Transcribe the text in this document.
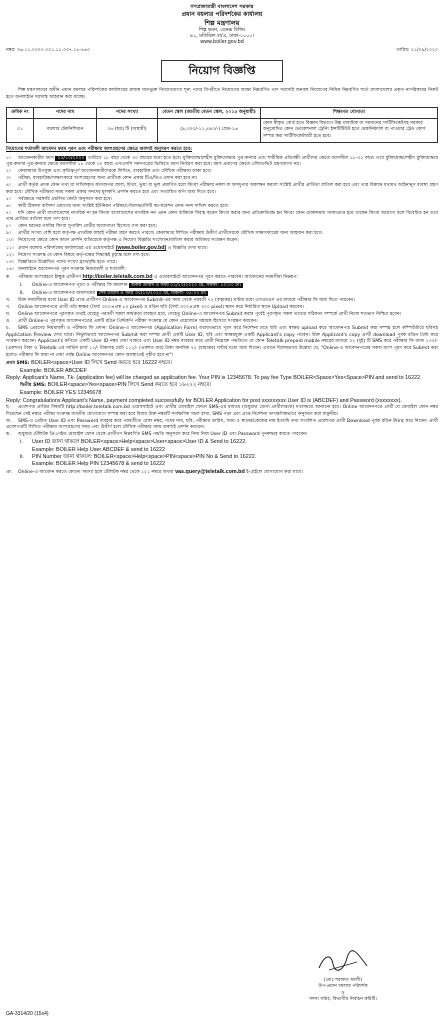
গণপ্রজাতন্ত্রী বাংলাদেশ সরকার
প্রধান বয়লার পরিদর্শকের কার্যালয়
শিল্প মন্ত্রণালয়
শিল্প ভবন, এনেক্স বিল্ডিং
৯১, মতিঝিল বা/এ, ঢাকা-১০০০।
www.boiler.gov.bd
নম্বর: ৩৬.১১.০০০০.০০১.১১.০০৭.১৮-৪৬০	তারিখ: ২১/০৯/২০২০
নিয়োগ বিজ্ঞপ্তি

শিল্প মন্ত্রণালয়ের অধীন প্রধান বয়লার পরিদর্শকের কার্যালয়ের রাজস্ব খাতভুক্ত নিয়োগযোগ্য শূন্য পদের বিপরীতে নিয়োগের লক্ষ্যে নিম্নবর্ণিত পদে সরাসরি জনবল নিয়োগের নিমিত্ত নিম্নবর্ণিত শর্তে বাংলাদেশের প্রকৃত নাগরিকদের নিকট হতে অনলাইনে দরখাস্ত আহবান করা যাচ্ছে।

ক্রমিক নং	পদের নাম	পদের সংখ্যা	বেতন স্কেল (জাতীয় বেতন স্কেল, ২০১৫ অনুযায়ী)	শিক্ষাগত যোগ্যতা
০১	বয়লার টেকনিশিয়ান	০৬ (ছয়) টি (অস্থায়ী)	(৯,৩০০/-২২,৪৯০/-) গ্রেড-১৬	কোন স্বীকৃত বোর্ড হতে বিজ্ঞান বিভাগে উচ্চ মাধ্যমিক বা সমমানের সার্টিফিকেটসহ সরকার অনুমোদিত কোন ভোকেশনাল ট্রেনিং ইন্সটিটিউট হতে মেকানিক্যাল বা পাওয়ার ট্রেড কোর্স সম্পন্ন করা সার্টিফিকেটধারী হতে হবে।

নিয়োগের শর্তাবলী আবেদন ফরম পূরণ এবং পরীক্ষায় অংশগ্রহণের ক্ষেত্রে অবশ্যই অনুসরণ করতে হবে:

১। আবেদনকারীর বয়স ২৫/১০/২০২০ তারিখে ১৮ বছর থেকে ৩০ বছরের মধ্যে হতে হবে। মুক্তিযোদ্ধা/শহীদ মুক্তিযোদ্ধার পুত্র-কন্যার এবং শারীরিক প্রতিবন্ধী প্রার্থীদের ক্ষেত্রে বয়সসীমা ১৮-৩২ বছর। তবে মুক্তিযোদ্ধা/শহীদ মুক্তিযোদ্ধার পুত্র-কন্যার পুত্র-কন্যার ক্ষেত্রে বয়সসীমা ১৮ থেকে ৩০ বছর। এসএসসি সনদপত্রের ভিত্তিতে বয়স নির্ধারণ করা হবে। বয়স প্রমাণের ক্ষেত্রে এফিডেভিট গ্রহণযোগ্য নয়।

২। কেবলমাত্র উপযুক্ত এবং কৃতিত্বপূর্ণ আবেদনকারীদেরকে লিখিত, ব্যবহারিক এবং মৌখিক পরীক্ষায় ডাকা হবে।

৩। পরীক্ষা, ব্যবহারিক/সাক্ষাৎকারে অংশগ্রহণের জন্য প্রার্থীকে কোন প্রকার টিএ/ডিএ প্রদান করা হবে না।

৪। প্রার্থী কর্তৃক প্রদত্ত কোন তথ্য বা দাখিলকৃত কাগজপত্র জাল, মিথ্যা, ভুয়া বা ভুল প্রমাণিত হলে কিংবা পরীক্ষায় নকল বা অসদুপায় অবলম্বন করলে সংশ্লিষ্ট প্রার্থীর প্রার্থিতা বাতিল করা হবে এবং তার বিরুদ্ধে যথাযথ আইনানুগ ব্যবস্থা গ্রহণ করা হবে। মৌখিক পরীক্ষার সময় সকল প্রকার সনদের মূলকপি প্রদর্শন করতে হবে এবং সত্যায়িত কপি জমা দিতে হবে।

৫। সর্বক্ষেত্রে সরকারি প্রচলিত কোটা অনুসরণ করা হবে।

৬। স্থায়ী ঠিকানা বাসিন্দা প্রমাণের জন্য সংশ্লিষ্ট ইউনিয়ন পরিষদ/পৌরসভা/সিটি কর্পোরেশন প্রদত্ত সনদ দাখিল করতে হবে।

৭। যদি কোন প্রার্থী বাংলাদেশের নাগরিক না হন কিংবা বাংলাদেশের নাগরিক নন এমন কোন ব্যক্তিকে বিবাহ করেন কিংবা করার জন্য প্রতিশ্রুতিবদ্ধ হন কিংবা কোন মোকদ্দমায় সাজাপ্রাপ্ত হয়ে থাকেন কিংবা অযোগ্য বলে বিবেচিত হন তবে তার প্রার্থিতা বাতিল বলে গণ্য হবে।

৮। কোন ধরনের তদবির কিংবা সুপারিশ প্রার্থীর অযোগ্যতা হিসেবে গণ্য করা হবে।

৯। প্রার্থীর সংখ্যা বেশি হলে কর্তৃপক্ষ প্রাথমিক বাছাই পরীক্ষা গ্রহণ করতে পারবে। কেবলমাত্র লিখিত পরীক্ষায় উত্তীর্ণ প্রার্থীদেরকে মৌখিক সাক্ষাৎকারের জন্য আহবান করা হবে।

১০। নিয়োগের ক্ষেত্রে কোন কারণ প্রদর্শন ব্যতিরেকে কর্তৃপক্ষ এ নিয়োগ বিজ্ঞপ্তি সংশোধন/বাতিল করার অধিকার সংরক্ষণ করেন।

১১। প্রধান বয়লার পরিদর্শকের কার্যালয়ের এর ওয়েবসাইটে (www.boiler.gov.bd) এ বিজ্ঞপ্তি দেখা যাবে।

১২। নিয়োগ সংক্রান্ত যে কোন বিষয়ে কর্তৃপক্ষের সিদ্ধান্তই চূড়ান্ত বলে গণ্য হবে।

১৩। বিজ্ঞপ্তিতে উল্লেখিত পদের সংখ্যা হ্রাস/বৃদ্ধি হতে পারে।

১৪। অনলাইনে আবেদনপত্র পূরণ সংক্রান্ত নিয়মাবলী ও শর্তাবলী:

ক. পরীক্ষায় অংশগ্রহণে ইচ্ছুক প্রার্থীগণ http://boiler.teletalk.com.bd এ ওয়েবসাইটে আবেদনপত্র পূরণ করতে পারবেন। আবেদনের সময়সীমা নিম্নরূপ:

i. Online-এ আবেদনপত্র পূরণ ও পরীক্ষার ফি জমাদান শুরুর তারিখ ও সময় ০১/১০/২০২০ খ্রি, সকাল: ১০:০০ টা।

ii. Online-এ আবেদনপত্র জমাদানের শেষ তারিখ ও সময় ৩০/১০/২০২০ খ্রি, বিকাল- ০৫:০০ টা।

খ. উক্ত সময়সীমার মধ্যে User ID প্রাপ্ত প্রার্থীগণ Online-এ আবেদনপত্র Submit-এর সময় থেকে পরবর্তী ৭২ (বাহাত্তর) ঘণ্টার মধ্যে এসএমএস এর মাধ্যমে পরীক্ষার ফি জমা দিতে পারবেন।

গ. Online আবেদনপত্রে প্রার্থী তাঁর স্বাক্ষর (দৈর্ঘ্য ৩০০×প্রস্থ ৮০ pixel) ও রঙিন ছবি (দৈর্ঘ্য ৩০০×প্রস্থ ৩০০ pixel) স্ক্যান করে নির্ধারিত স্থানে Upload করবেন।

ঘ. Online আবেদনপত্রে পূরণকৃত তথ্যই যেহেতু পরবর্তী সকল কার্যক্রমে ব্যবহৃত হবে, সেহেতু Online-এ আবেদনপত্র Submit করার পূর্বেই পূরণকৃত সকল তথ্যের সঠিকতা সম্পর্কে প্রার্থী নিজে শতভাগ নিশ্চিত হবেন।

ঙ. প্রার্থী Online-এ পূরণকৃত আবেদনপত্রের একটি রঙিন প্রিন্টকপি পরীক্ষা সংক্রান্ত যে কোন প্রয়োজনে সহায়ক হিসেবে সংরক্ষণ করবেন।

চ. SMS প্রেরণের নিয়মাবলী ও পরীক্ষার ফি প্রদান: Online-এ আবেদনপত্র (Application Form) যথাযথভাবে পূরণ করে নির্দেশনা মতে ছবি এবং স্বাক্ষর upload করে আবেদনপত্র Submit করা সম্পন্ন হলে কম্পিউটারে ছবিসহ Application Preview দেখা যাবে। নির্ভুলভাবে আবেদনপত্র Submit করা সম্পন্ন প্রার্থী একটি User ID, ছবি এবং স্বাক্ষরযুক্ত একটি Applicant's copy পাবেন। উক্ত Applicant's copy প্রার্থী download পূর্বক রঙিন প্রিন্ট করে সংরক্ষণ করবেন। Applicant's কপিতে একটি User ID নম্বর দেয়া থাকবে এবং User ID নম্বর ব্যবহার করে প্রার্থী নিম্নোক্ত পদ্ধতিতে যে কোন Teletalk prepaid mobile নম্বরের মাধ্যমে ০২ (দুই) টি SMS করে পরীক্ষার ফি বাবদ ১০০/- (একশত) টাকা ও Teletalk এর সার্ভিস চার্জ ১২/- টাকাসহ মোট ১১২/- (একশত বার) টাকা অনধিক ৭২ (বাহাত্তর) ঘণ্টার মধ্যে জমা দিবেন। এখানে বিশেষভাবে উল্লেখ্য যে, "Online-এ আবেদনপত্রের সকল অংশ পূরণ করে Submit করা হলেও পরীক্ষার ফি জমা না দেয়া পর্যন্ত Online আবেদনপত্র কোন অবস্থাতেই গৃহীত হবে না"।

প্রথম SMS: BOILER<space>User ID লিখে Send করতে হবে 16222 নম্বরে।

Example: BOILER ABCDEF

Reply: Applicant's Name, Tk- (application fee) will be charged as application fee. Your PIN is 12345678. To pay fee Type BOILER<Space>Yes<Space>PIN and send to 16222.

দ্বিতীয় SMS: BOILER<space>Yes<space>PIN লিখে Send করতে হবে ১৬২২২ নম্বরে।

Example: BOILER YES 12345678

Reply: Congratulations Applicant's Name, payment completed successfully for BOILER Application for post xxxxxxxxx User ID is (ABCDEF) and Password (xxxxxxxx).

ছ. প্রবেশপত্র প্রাপ্তির বিষয়টি http://boiler.teletalk.com.bd ওয়েবসাইটে এবং প্রার্থীর মোবাইল ফোনে SMS-এর মাধ্যমে (শুধুমাত্র যোগ্য প্রার্থীদেরকে) যথাসময়ে জানানো হবে। Online আবেদনপত্রে প্রার্থী যে মোবাইল ফোন নম্বর দিয়েছেন সেই নম্বরে পরীক্ষা সংক্রান্ত যাবতীয় যোগাযোগ সম্পন্ন করা হবে বিধায় উক্ত নম্বরটি সার্বক্ষণিক সচল রাখা, SMS পড়া এবং প্রাপ্ত নির্দেশনা তাৎক্ষণিকভাবে অনুসরণ করা বাঞ্ছনীয়।

জ. SMS-এ প্রেরিত User ID এবং Password ব্যবহার করে পরবর্তীতে রোল নম্বর, পদের নাম, ছবি, পরীক্ষার তারিখ, সময় ও স্থানের/কেন্দ্রের নাম ইত্যাদি তথ্য সংবলিত প্রবেশপত্র প্রার্থী Download পূর্বক রঙিন Print করে নিবেন। প্রার্থী প্রবেশপত্রটি লিখিত পরীক্ষায় অংশগ্রহণের সময় এবং উত্তীর্ণ হলে মৌখিক পরীক্ষার সময় অবশ্যই প্রদর্শন করবেন।

ঝ. শুধুমাত্র টেলিটক প্রি-পেইড মোবাইল ফোন থেকে প্রার্থীগণ নিম্নবর্ণিত SMS পদ্ধতি অনুসরণ করে নিজ নিজ User ID এবং Password পুনরুদ্ধার করতে পারবেন।

i. User ID জানা থাকলে BOILER<space>Help<space>User<space>User ID & Send to 16222.

Example: BOILER Help User ABCDEF & send to 16222

ii. PIN Number জানা থাকলে: BOILER<space>Help<space>PIN<space>PIN No & Send to 16222.

Example: BOILER Help PIN 12345678 & send to 16222

ঞ. Online-এ আবেদন করতে কোনো সমস্যা হলে টেলিটক নম্বর থেকে ১২১ নম্বরে অথবা vas.query@teletalk.com.bd ই-মেইলে যোগাযোগ করা যাবে।

(মোঃ শরাফত আলী)
উপ-প্রধান বয়লার পরিদর্শক
ও
সদস্য সচিব, বিভাগীয় নির্বাচন কমিটি।
GA-3314/20 (15x4)
